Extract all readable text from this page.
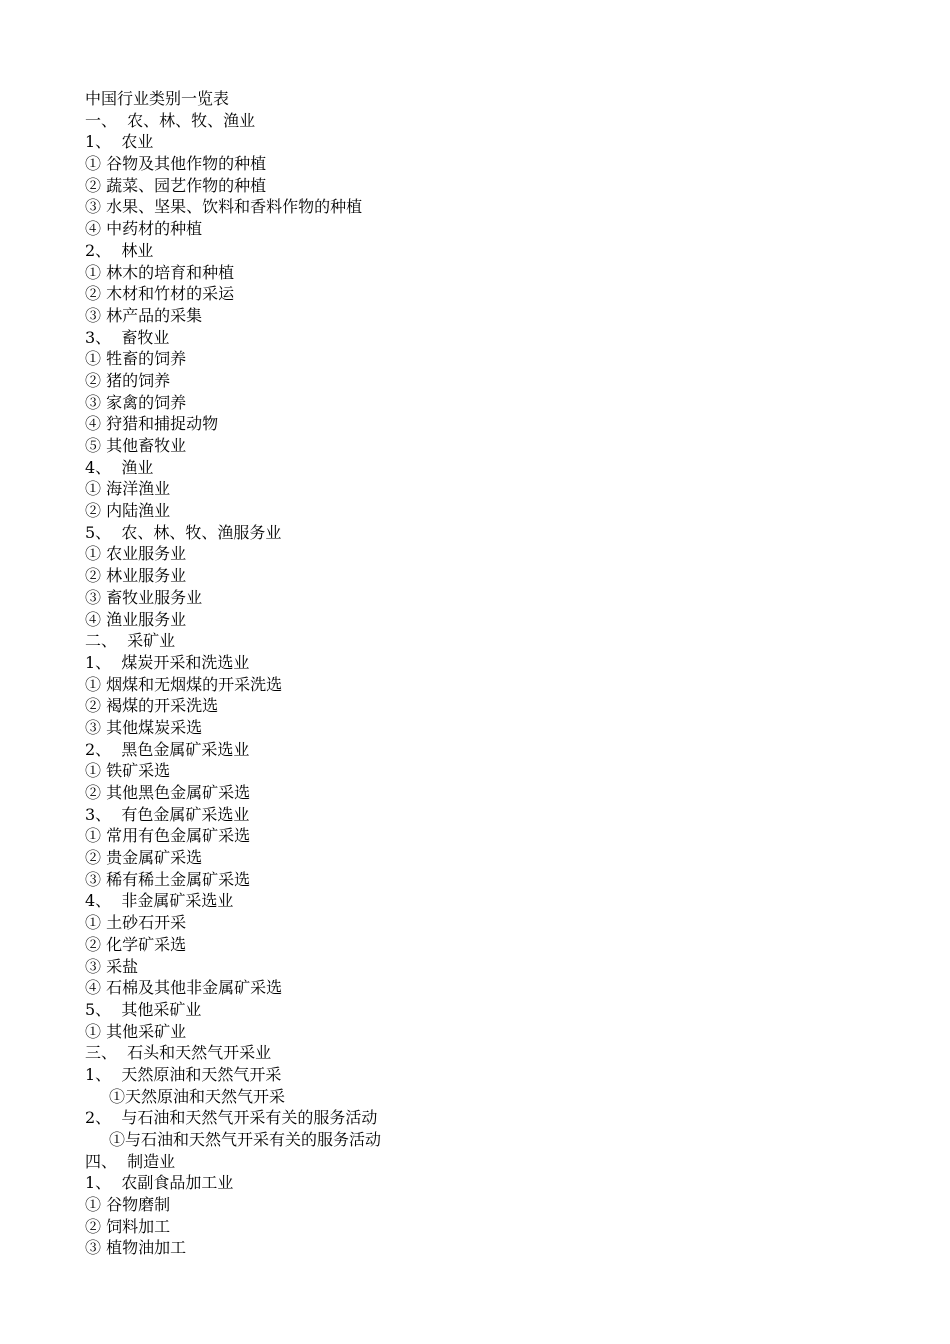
中国行业类别一览表
一、  农、林、牧、渔业
1、  农业
① 谷物及其他作物的种植
② 蔬菜、园艺作物的种植
③ 水果、坚果、饮料和香料作物的种植
④ 中药材的种植
2、  林业
① 林木的培育和种植
② 木材和竹材的采运
③ 林产品的采集
3、  畜牧业
① 牲畜的饲养
② 猪的饲养
③ 家禽的饲养
④ 狩猎和捕捉动物
⑤ 其他畜牧业
4、  渔业
① 海洋渔业
② 内陆渔业
5、  农、林、牧、渔服务业
① 农业服务业
② 林业服务业
③ 畜牧业服务业
④ 渔业服务业
二、  采矿业
1、  煤炭开采和洗选业
① 烟煤和无烟煤的开采洗选
② 褐煤的开采洗选
③ 其他煤炭采选
2、  黑色金属矿采选业
① 铁矿采选
② 其他黑色金属矿采选
3、  有色金属矿采选业
① 常用有色金属矿采选
② 贵金属矿采选
③ 稀有稀土金属矿采选
4、  非金属矿采选业
① 土砂石开采
② 化学矿采选
③ 采盐
④ 石棉及其他非金属矿采选
5、  其他采矿业
① 其他采矿业
三、  石头和天然气开采业
1、  天然原油和天然气开采
①天然原油和天然气开采
2、  与石油和天然气开采有关的服务活动
①与石油和天然气开采有关的服务活动
四、  制造业
1、  农副食品加工业
① 谷物磨制
② 饲料加工
③ 植物油加工
